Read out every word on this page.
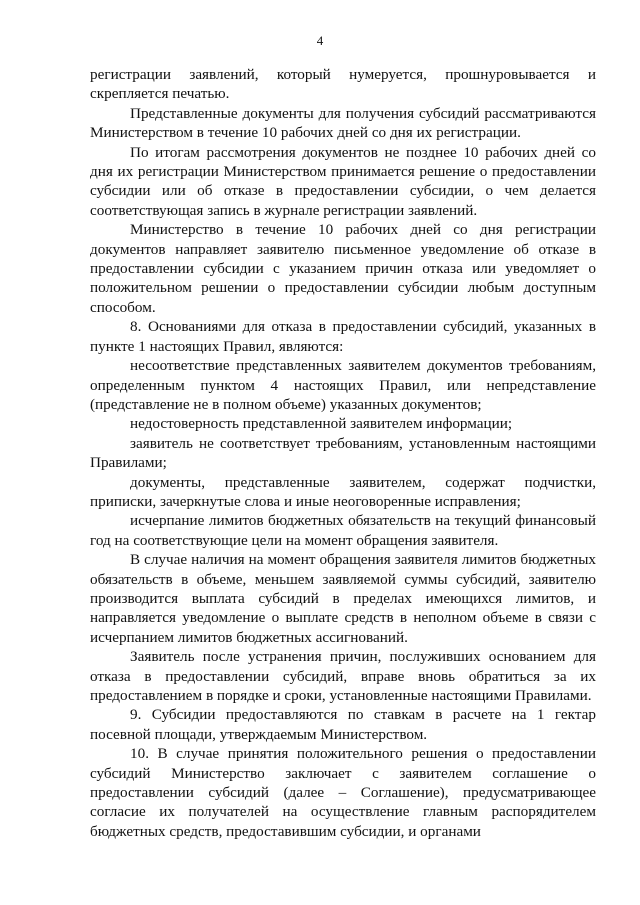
4

регистрации заявлений, который нумеруется, прошнуровывается и скрепляется печатью.

Представленные документы для получения субсидий рассматриваются Министерством в течение 10 рабочих дней со дня их регистрации.

По итогам рассмотрения документов не позднее 10 рабочих дней со дня их регистрации Министерством принимается решение о предоставлении субсидии или об отказе в предоставлении субсидии, о чем делается соответствующая запись в журнале регистрации заявлений.

Министерство в течение 10 рабочих дней со дня регистрации документов направляет заявителю письменное уведомление об отказе в предоставлении субсидии с указанием причин отказа или уведомляет о положительном решении о предоставлении субсидии любым доступным способом.

8. Основаниями для отказа в предоставлении субсидий, указанных в пункте 1 настоящих Правил, являются:

несоответствие представленных заявителем документов требованиям, определенным пунктом 4 настоящих Правил, или непредставление (представление не в полном объеме) указанных документов;

недостоверность представленной заявителем информации;

заявитель не соответствует требованиям, установленным настоящими Правилами;

документы, представленные заявителем, содержат подчистки, приписки, зачеркнутые слова и иные неоговоренные исправления;

исчерпание лимитов бюджетных обязательств на текущий финансовый год на соответствующие цели на момент обращения заявителя.

В случае наличия на момент обращения заявителя лимитов бюджетных обязательств в объеме, меньшем заявляемой суммы субсидий, заявителю производится выплата субсидий в пределах имеющихся лимитов, и направляется уведомление о выплате средств в неполном объеме в связи с исчерпанием лимитов бюджетных ассигнований.

Заявитель после устранения причин, послуживших основанием для отказа в предоставлении субсидий, вправе вновь обратиться за их предоставлением в порядке и сроки, установленные настоящими Правилами.

9. Субсидии предоставляются по ставкам в расчете на 1 гектар посевной площади, утверждаемым Министерством.

10. В случае принятия положительного решения о предоставлении субсидий Министерство заключает с заявителем соглашение о предоставлении субсидий (далее – Соглашение), предусматривающее согласие их получателей на осуществление главным распорядителем бюджетных средств, предоставившим субсидии, и органами
